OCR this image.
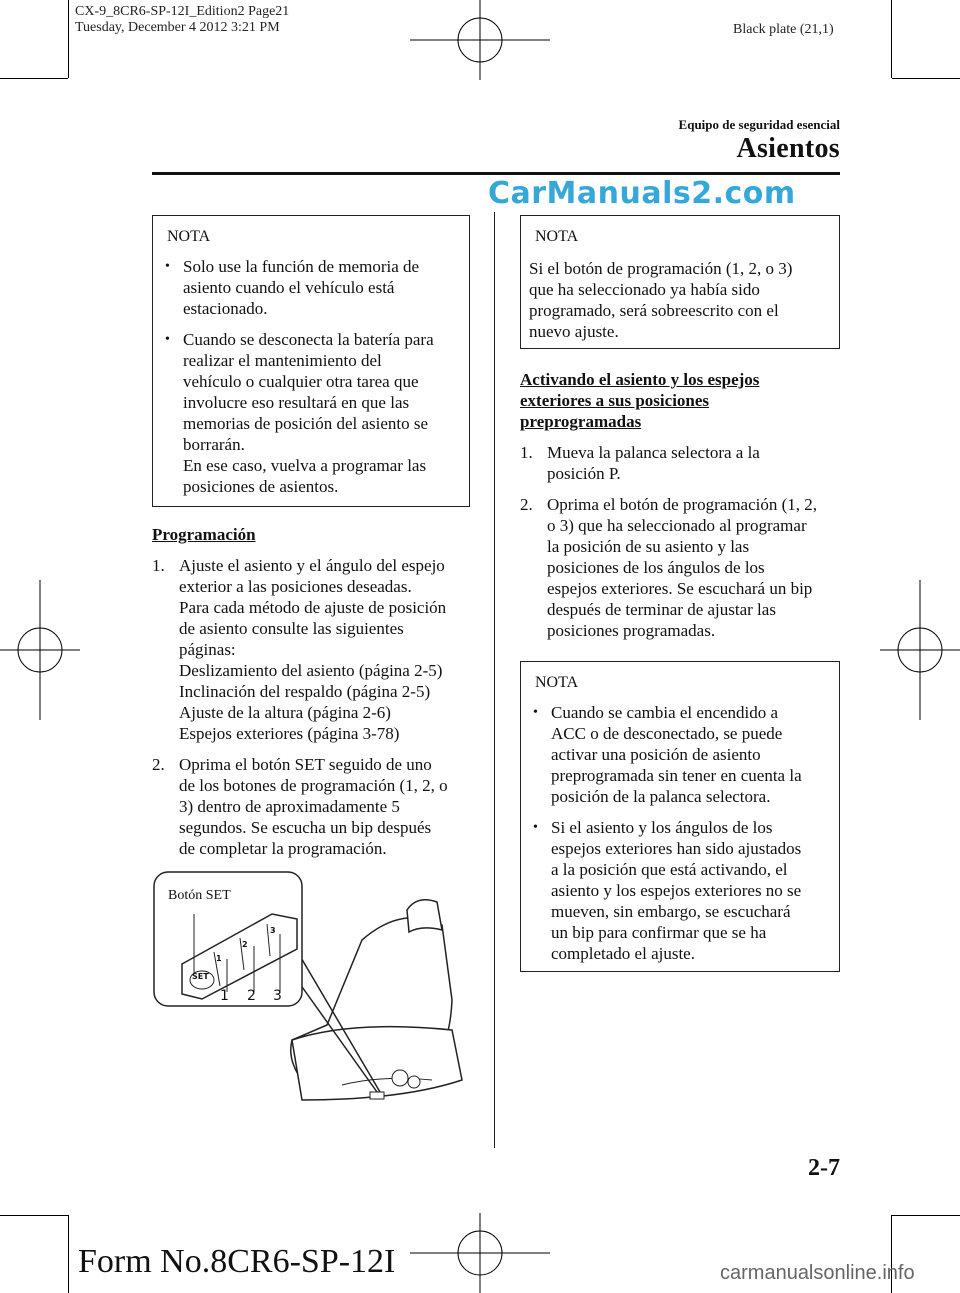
CX-9_8CR6-SP-12I_Edition2 Page21
Tuesday, December 4 2012 3:21 PM	Black plate (21,1)
Equipo de seguridad esencial
Asientos
CarManuals2.com
NOTA
• Solo use la función de memoria de
asiento cuando el vehículo está
estacionado.
• Cuando se desconecta la batería para
realizar el mantenimiento del
vehículo o cualquier otra tarea que
involucre eso resultará en que las
memorias de posición del asiento se
borrarán.
En ese caso, vuelva a programar las
posiciones de asientos.
Programación
1. Ajuste el asiento y el ángulo del espejo
exterior a las posiciones deseadas.
Para cada método de ajuste de posición
de asiento consulte las siguientes
páginas:
Deslizamiento del asiento (página 2-5)
Inclinación del respaldo (página 2-5)
Ajuste de la altura (página 2-6)
Espejos exteriores (página 3-78)
2. Oprima el botón SET seguido de uno
de los botones de programación (1, 2, o
3) dentro de aproximadamente 5
segundos. Se escucha un bip después
de completar la programación.
Botón SET
SET
1
2
3
1 2 3
NOTA
Si el botón de programación (1, 2, o 3)
que ha seleccionado ya había sido
programado, será sobreescrito con el
nuevo ajuste.
Activando el asiento y los espejos
exteriores a sus posiciones
preprogramadas
1. Mueva la palanca selectora a la
posición P.
2. Oprima el botón de programación (1, 2,
o 3) que ha seleccionado al programar
la posición de su asiento y las
posiciones de los ángulos de los
espejos exteriores. Se escuchará un bip
después de terminar de ajustar las
posiciones programadas.
NOTA
• Cuando se cambia el encendido a
ACC o de desconectado, se puede
activar una posición de asiento
preprogramada sin tener en cuenta la
posición de la palanca selectora.
• Si el asiento y los ángulos de los
espejos exteriores han sido ajustados
a la posición que está activando, el
asiento y los espejos exteriores no se
mueven, sin embargo, se escuchará
un bip para confirmar que se ha
completado el ajuste.
2-7
Form No.8CR6-SP-12I	carmanualsonline.info
